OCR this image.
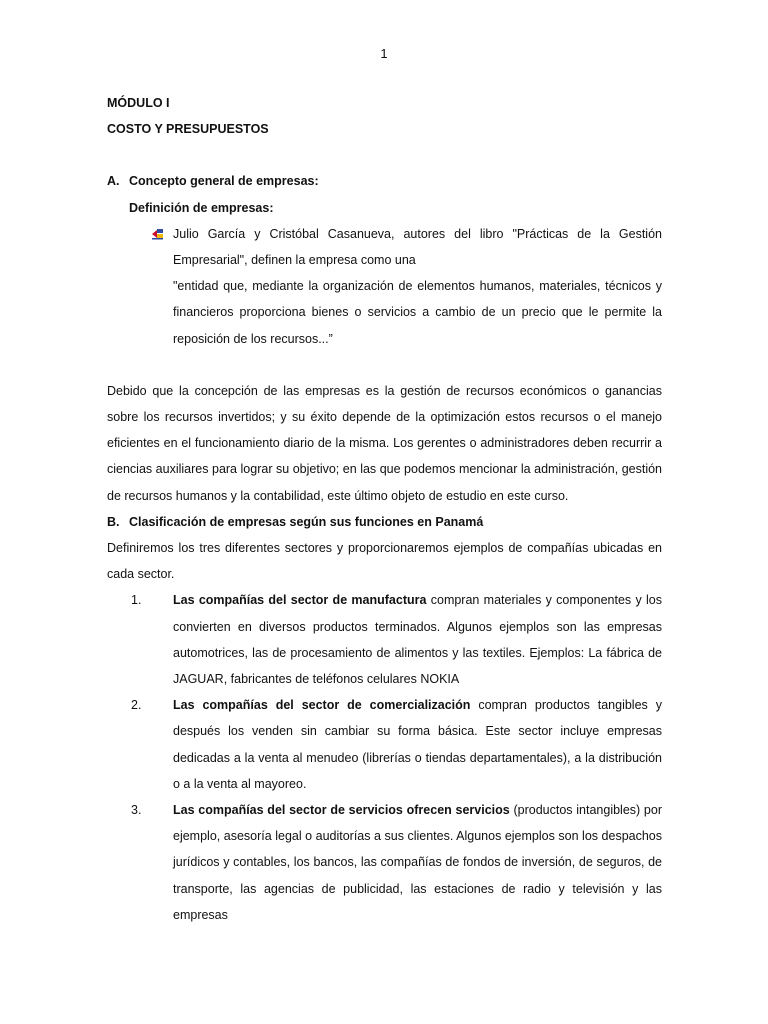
1
MÓDULO I
COSTO Y PRESUPUESTOS
A. Concepto general de empresas:
Definición de empresas:
Julio García y Cristóbal Casanueva, autores del libro "Prácticas de la Gestión Empresarial", definen la empresa como una
"entidad que, mediante la organización de elementos humanos, materiales, técnicos y financieros proporciona bienes o servicios a cambio de un precio que le permite la reposición de los recursos...”
Debido que la concepción de las empresas es la gestión de recursos económicos o ganancias sobre los recursos invertidos; y su éxito depende de la optimización estos recursos o el manejo eficientes en el funcionamiento diario de la misma. Los gerentes o administradores deben recurrir a ciencias auxiliares para lograr su objetivo; en las que podemos mencionar la administración, gestión de recursos humanos y la contabilidad, este último objeto de estudio en este curso.
B. Clasificación de empresas según sus funciones en Panamá
Definiremos los tres diferentes sectores y proporcionaremos ejemplos de compañías ubicadas en cada sector.
1.	Las compañías del sector de manufactura compran materiales y componentes y los convierten en diversos productos terminados. Algunos ejemplos son las empresas automotrices, las de procesamiento de alimentos y las textiles. Ejemplos: La fábrica de JAGUAR, fabricantes de teléfonos celulares NOKIA
2.	Las compañías del sector de comercialización compran productos tangibles y después los venden sin cambiar su forma básica. Este sector incluye empresas dedicadas a la venta al menudeo (librerías o tiendas departamentales), a la distribución o a la venta al mayoreo.
3.	Las compañías del sector de servicios ofrecen servicios (productos intangibles) por ejemplo, asesoría legal o auditorías a sus clientes. Algunos ejemplos son los despachos jurídicos y contables, los bancos, las compañías de fondos de inversión, de seguros, de transporte, las agencias de publicidad, las estaciones de radio y televisión y las empresas
